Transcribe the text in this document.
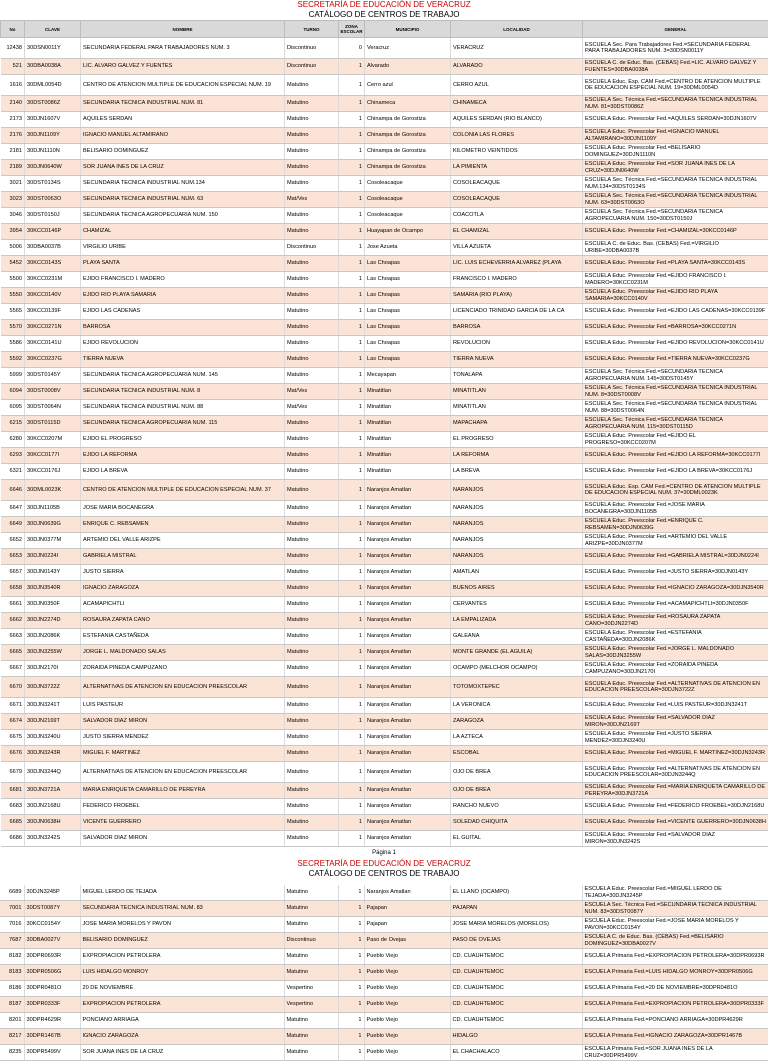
SECRETARÍA DE EDUCACIÓN DE VERACRUZ
CATÁLOGO DE CENTROS DE TRABAJO
No	CLAVE	NOMBRE	TURNO	ZONA ESCOLAR	MUNICIPIO	LOCALIDAD	GENERAL
12438	30DSN0011Y	SECUNDARIA FEDERAL PARA TRABAJADORES NUM. 3	Discontinuo	0	Veracruz	VERACRUZ	ESCUELA Sec. Para Trabajadores Fed.=SECUNDARIA FEDERAL PARA TRABAJADORES NUM. 3=30DSN0011Y
521	30DBA0038A	LIC. ALVARO GALVEZ Y FUENTES	Discontinuo	1	Alvarado	ALVARADO	ESCUELA C. de Educ. Bas. (CEBAS) Fed.=LIC. ALVARO GALVEZ Y FUENTES=30DBA0038A
1616	30DML0054D	CENTRO DE ATENCION MULTIPLE DE EDUCACION ESPECIAL NUM. 19	Matutino	1	Cerro azul	CERRO AZUL	ESCUELA Educ. Esp. CAM Fed.=CENTRO DE ATENCION MULTIPLE DE EDUCACION ESPECIAL NUM. 19=30DML0054D
2140	30DST0086Z	SECUNDARIA TECNICA INDUSTRIAL NUM. 81	Matutino	1	Chinameca	CHINAMECA	ESCUELA Sec. Técnica Fed.=SECUNDARIA TECNICA INDUSTRIAL NUM. 81=30DST0086Z
2173	30DJN1607V	AQUILES SERDAN	Matutino	1	Chinampa de Gorostiza	AQUILES SERDAN (RIO BLANCO)	ESCUELA Educ. Preescolar Fed.=AQUILES SERDAN=30DJN1607V
2176	30DJN1109Y	IGNACIO MANUEL ALTAMIRANO	Matutino	1	Chinampa de Gorostiza	COLONIA LAS FLORES	ESCUELA Educ. Preescolar Fed.=IGNACIO MANUEL ALTAMIRANO=30DJN1109Y
2181	30DJN1110N	BELISARIO DOMINGUEZ	Matutino	1	Chinampa de Gorostiza	KILOMETRO VEINTIDOS	ESCUELA Educ. Preescolar Fed.=BELISARIO DOMINGUEZ=30DJN1110N
2189	30DJN0640W	SOR JUANA INES DE LA CRUZ	Matutino	1	Chinampa de Gorostiza	LA PIMIENTA	ESCUELA Educ. Preescolar Fed.=SOR JUANA INES DE LA CRUZ=30DJN0640W
3021	30DST0134S	SECUNDARIA TECNICA INDUSTRIAL NUM.134	Matutino	1	Cosoleacaque	COSOLEACAQUE	ESCUELA Sec. Técnica Fed.=SECUNDARIA TECNICA INDUSTRIAL NUM.134=30DST0134S
3023	30DST0063O	SECUNDARIA TECNICA INDUSTRIAL NUM. 63	Mat/Ves	1	Cosoleacaque	COSOLEACAQUE	ESCUELA Sec. Técnica Fed.=SECUNDARIA TECNICA INDUSTRIAL NUM. 63=30DST0063O
3046	30DST0150J	SECUNDARIA TECNICA AGROPECUARIA NUM. 150	Matutino	1	Cosoleacaque	COACOTLA	ESCUELA Sec. Técnica Fed.=SECUNDARIA TECNICA AGROPECUARIA NUM. 150=30DST0150J
3954	30KCC0146P	CHAMIZAL	Matutino	1	Huayapan de Ocampo	EL CHAMIZAL	ESCUELA Educ. Preescolar Fed.=CHAMIZAL=30KCC0146P
5006	30DBA0037B	VIRGILIO URIBE	Discontinuo	1	Jose Azueta	VILLA AZUETA	ESCUELA C. de Educ. Bas. (CEBAS) Fed.=VIRGILIO URIBE=30DBA0037B
5452	30KCC0143S	PLAYA SANTA	Matutino	1	Las Choapas	LIC. LUIS ECHEVERRIA ALVAREZ (PLAYA	ESCUELA Educ. Preescolar Fed.=PLAYA SANTA=30KCC0143S
5500	30KCC0231M	EJIDO FRANCISCO I. MADERO	Matutino	1	Las Choapas	FRANCISCO I. MADERO	ESCUELA Educ. Preescolar Fed.=EJIDO FRANCISCO I. MADERO=30KCC0231M
5550	30KCC0140V	EJIDO RIO PLAYA SAMARIA	Matutino	1	Las Choapas	SAMARIA (RIO PLAYA)	ESCUELA Educ. Preescolar Fed.=EJIDO RIO PLAYA SAMARIA=30KCC0140V
5565	30KCC0139F	EJIDO LAS CADENAS	Matutino	1	Las Choapas	LICENCIADO TRINIDAD GARCIA DE LA CA	ESCUELA Educ. Preescolar Fed.=EJIDO LAS CADENAS=30KCC0139F
5570	30KCC0271N	BARROSA	Matutino	1	Las Choapas	BARROSA	ESCUELA Educ. Preescolar Fed.=BARROSA=30KCC0271N
5586	30KCC0141U	EJIDO REVOLUCION	Matutino	1	Las Choapas	REVOLUCION	ESCUELA Educ. Preescolar Fed.=EJIDO REVOLUCION=30KCC0141U
5592	30KCC0237G	TIERRA NUEVA	Matutino	1	Las Choapas	TIERRA NUEVA	ESCUELA Educ. Preescolar Fed.=TIERRA NUEVA=30KCC0237G
5999	30DST0145Y	SECUNDARIA TECNICA AGROPECUARIA NUM. 145	Matutino	1	Mecayapan	TONALAPA	ESCUELA Sec. Técnica Fed.=SECUNDARIA TECNICA AGROPECUARIA NUM. 145=30DST0145Y
6094	30DST0008V	SECUNDARIA TECNICA INDUSTRIAL NUM. 8	Mat/Ves	1	Minatitlan	MINATITLAN	ESCUELA Sec. Técnica Fed.=SECUNDARIA TECNICA INDUSTRIAL NUM. 8=30DST0008V
6095	30DST0064N	SECUNDARIA TECNICA INDUSTRIAL NUM. 88	Mat/Ves	1	Minatitlan	MINATITLAN	ESCUELA Sec. Técnica Fed.=SECUNDARIA TECNICA INDUSTRIAL NUM. 88=30DST0064N
6215	30DST0115D	SECUNDARIA TECNICA AGROPECUARIA NUM. 115	Matutino	1	Minatitlan	MAPACHAPA	ESCUELA Sec. Técnica Fed.=SECUNDARIA TECNICA AGROPECUARIA NUM. 115=30DST0115D
6280	30KCC0207M	EJIDO EL PROGRESO	Matutino	1	Minatitlan	EL PROGRESO	ESCUELA Educ. Preescolar Fed.=EJIDO EL PROGRESO=30KCC0207M
6293	30KCC0177I	EJIDO LA REFORMA	Matutino	1	Minatitlan	LA REFORMA	ESCUELA Educ. Preescolar Fed.=EJIDO LA REFORMA=30KCC0177I
6321	30KCC0176J	EJIDO LA BREVA	Matutino	1	Minatitlan	LA BREVA	ESCUELA Educ. Preescolar Fed.=EJIDO LA BREVA=30KCC0176J
6646	30DML0023K	CENTRO DE ATENCION MULTIPLE DE EDUCACION ESPECIAL NUM. 37	Matutino	1	Naranjos Amatlan	NARANJOS	ESCUELA Educ. Esp. CAM Fed.=CENTRO DE ATENCION MULTIPLE DE EDUCACION ESPECIAL NUM. 37=30DML0023K
6647	30DJN1105B	JOSE MARIA BOCANEGRA	Matutino	1	Naranjos Amatlan	NARANJOS	ESCUELA Educ. Preescolar Fed.=JOSE MARIA BOCANEGRA=30DJN1105B
6649	30DJN0639G	ENRIQUE C. REBSAMEN	Matutino	1	Naranjos Amatlan	NARANJOS	ESCUELA Educ. Preescolar Fed.=ENRIQUE C. REBSAMEN=30DJN0639G
6652	30DJN0377M	ARTEMIO DEL VALLE ARIZPE	Matutino	1	Naranjos Amatlan	NARANJOS	ESCUELA Educ. Preescolar Fed.=ARTEMIO DEL VALLE ARIZPE=30DJN0377M
6653	30DJN0224I	GABRIELA MISTRAL	Matutino	1	Naranjos Amatlan	NARANJOS	ESCUELA Educ. Preescolar Fed.=GABRIELA MISTRAL=30DJN0224I
6657	30DJN0143Y	JUSTO SIERRA	Matutino	1	Naranjos Amatlan	AMATLAN	ESCUELA Educ. Preescolar Fed.=JUSTO SIERRA=30DJN0143Y
6658	30DJN3540R	IGNACIO ZARAGOZA	Matutino	1	Naranjos Amatlan	BUENOS AIRES	ESCUELA Educ. Preescolar Fed.=IGNACIO ZARAGOZA=30DJN3540R
6661	30DJN0350F	ACAMAPICHTLI	Matutino	1	Naranjos Amatlan	CERVANTES	ESCUELA Educ. Preescolar Fed.=ACAMAPICHTLI=30DJN0350F
6662	30DJN2274D	ROSAURA ZAPATA CANO	Matutino	1	Naranjos Amatlan	LA EMPALIZADA	ESCUELA Educ. Preescolar Fed.=ROSAURA ZAPATA CANO=30DJN2274D
6663	30DJN2086K	ESTEFANIA CASTAÑEDA	Matutino	1	Naranjos Amatlan	GALEANA	ESCUELA Educ. Preescolar Fed.=ESTEFANIA CASTAÑEDA=30DJN2086K
6665	30DJN3255W	JORGE L. MALDONADO SALAS	Matutino	1	Naranjos Amatlan	MONTE GRANDE (EL AGUILA)	ESCUELA Educ. Preescolar Fed.=JORGE L. MALDONADO SALAS=30DJN3255W
6667	30DJN2170I	ZORAIDA PINEDA CAMPUZANO	Matutino	1	Naranjos Amatlan	OCAMPO (MELCHOR OCAMPO)	ESCUELA Educ. Preescolar Fed.=ZORAIDA PINEDA CAMPUZANO=30DJN2170I
6670	30DJN3722Z	ALTERNATIVAS DE ATENCION EN EDUCACION PREESCOLAR	Matutino	1	Naranjos Amatlan	TOTOMOXTEPEC	ESCUELA Educ. Preescolar Fed.=ALTERNATIVAS DE ATENCION EN EDUCACION PREESCOLAR=30DJN3722Z
6671	30DJN3241T	LUIS PASTEUR	Matutino	1	Naranjos Amatlan	LA VERONICA	ESCUELA Educ. Preescolar Fed.=LUIS PASTEUR=30DJN3241T
6674	30DJN2169T	SALVADOR DIAZ MIRON	Matutino	1	Naranjos Amatlan	ZARAGOZA	ESCUELA Educ. Preescolar Fed.=SALVADOR DIAZ MIRON=30DJN2169T
6675	30DJN3240U	JUSTO SIERRA MENDEZ	Matutino	1	Naranjos Amatlan	LA AZTECA	ESCUELA Educ. Preescolar Fed.=JUSTO SIERRA MENDEZ=30DJN3240U
6676	30DJN3243R	MIGUEL F. MARTINEZ	Matutino	1	Naranjos Amatlan	ESCOBAL	ESCUELA Educ. Preescolar Fed.=MIGUEL F. MARTINEZ=30DJN3243R
6679	30DJN3244Q	ALTERNATIVAS DE ATENCION EN EDUCACION PREESCOLAR	Matutino	1	Naranjos Amatlan	OJO DE BREA	ESCUELA Educ. Preescolar Fed.=ALTERNATIVAS DE ATENCION EN EDUCACION PREESCOLAR=30DJN3244Q
6681	30DJN3721A	MARIA ENRIQUETA CAMARILLO DE PEREYRA	Matutino	1	Naranjos Amatlan	OJO DE BREA	ESCUELA Educ. Preescolar Fed.=MARIA ENRIQUETA CAMARILLO DE PEREYRA=30DJN3721A
6683	30DJN2168U	FEDERICO FROEBEL	Matutino	1	Naranjos Amatlan	RANCHO NUEVO	ESCUELA Educ. Preescolar Fed.=FEDERICO FROEBEL=30DJN2168U
6685	30DJN0638H	VICENTE GUERRERO	Matutino	1	Naranjos Amatlan	SOLEDAD CHIQUITA	ESCUELA Educ. Preescolar Fed.=VICENTE GUERRERO=30DJN0638H
6686	30DJN3242S	SALVADOR DIAZ MIRON	Matutino	1	Naranjos Amatlan	EL GUITAL	ESCUELA Educ. Preescolar Fed.=SALVADOR DIAZ MIRON=30DJN3242S
Página 1
SECRETARÍA DE EDUCACIÓN DE VERACRUZ
CATÁLOGO DE CENTROS DE TRABAJO
6689	30DJN3245P	MIGUEL LERDO DE TEJADA	Matutino	1	Naranjos Amatlan	EL LLANO (OCAMPO)	ESCUELA Educ. Preescolar Fed.=MIGUEL LERDO DE TEJADA=30DJN3245P
7001	30DST0087Y	SECUNDARIA TECNICA INDUSTRIAL NUM. 83	Matutino	1	Pajapan	PAJAPAN	ESCUELA Sec. Técnica Fed.=SECUNDARIA TECNICA INDUSTRIAL NUM. 83=30DST0087Y
7016	30KCC0154Y	JOSE MARIA MORELOS Y PAVON	Matutino	1	Pajapan	JOSE MARIA MORELOS (MORELOS)	ESCUELA Educ. Preescolar Fed.=JOSE MARIA MORELOS Y PAVON=30KCC0154Y
7687	30DBA0027V	BELISARIO DOMINGUEZ	Discontinuo	1	Paso de Ovejas	PASO DE OVEJAS	ESCUELA C. de Educ. Bas. (CEBAS) Fed.=BELISARIO DOMINGUEZ=30DBA0027V
8182	30DPR0693R	EXPROPIACION PETROLERA	Matutino	1	Pueblo Viejo	CD. CUAUHTEMOC	ESCUELA Primaria Fed.=EXPROPIACION PETROLERA=30DPR0693R
8183	30DPR0506G	LUIS HIDALGO MONROY	Matutino	1	Pueblo Viejo	CD. CUAUHTEMOC	ESCUELA Primaria Fed.=LUIS HIDALGO MONROY=30DPR0506G
8186	30DPR0481O	20 DE NOVIEMBRE	Vespertino	1	Pueblo Viejo	CD. CUAUHTEMOC	ESCUELA Primaria Fed.=20 DE NOVIEMBRE=30DPR0481O
8187	30DPR0333F	EXPROPIACION PETROLERA	Vespertino	1	Pueblo Viejo	CD. CUAUHTEMOC	ESCUELA Primaria Fed.=EXPROPIACION PETROLERA=30DPR0333F
8201	30DPR4629R	PONCIANO ARRIAGA	Matutino	1	Pueblo Viejo	CD. CUAUHTEMOC	ESCUELA Primaria Fed.=PONCIANO ARRIAGA=30DPR4629R
8217	30DPR1467B	IGNACIO ZARAGOZA	Matutino	1	Pueblo Viejo	HIDALGO	ESCUELA Primaria Fed.=IGNACIO ZARAGOZA=30DPR1467B
8235	30DPR5499V	SOR JUANA INES DE LA CRUZ	Matutino	1	Pueblo Viejo	EL CHACHALACO	ESCUELA Primaria Fed.=SOR JUANA INES DE LA CRUZ=30DPR5499V
